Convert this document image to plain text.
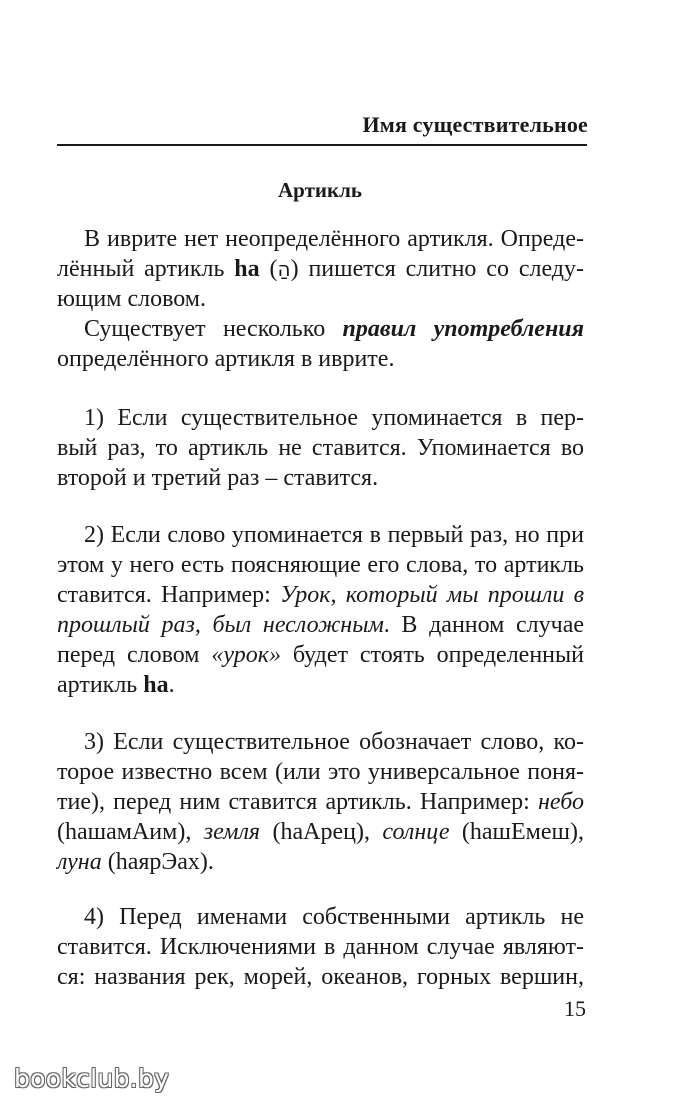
Имя существительное
Артикль
В иврите нет неопределённого артикля. Опреде-
лённый артикль ha (הַ) пишется слитно со следу-
ющим словом.
Существует несколько правил употребления
определённого артикля в иврите.
1) Если существительное упоминается в пер-
вый раз, то артикль не ставится. Упоминается во
второй и третий раз – ставится.
2) Если слово упоминается в первый раз, но при
этом у него есть поясняющие его слова, то артикль
ставится. Например: Урок, который мы прошли в
прошлый раз, был несложным. В данном случае
перед словом «урок» будет стоять определенный
артикль ha.
3) Если существительное обозначает слово, ко-
торое известно всем (или это универсальное поня-
тие), перед ним ставится артикль. Например: небо
(hашамАим), земля (hаАрец), солнце (hашЕмеш),
луна (hаярЭах).
4) Перед именами собственными артикль не
ставится. Исключениями в данном случае являют-
ся: названия рек, морей, океанов, горных вершин,
15
bookclub.by
